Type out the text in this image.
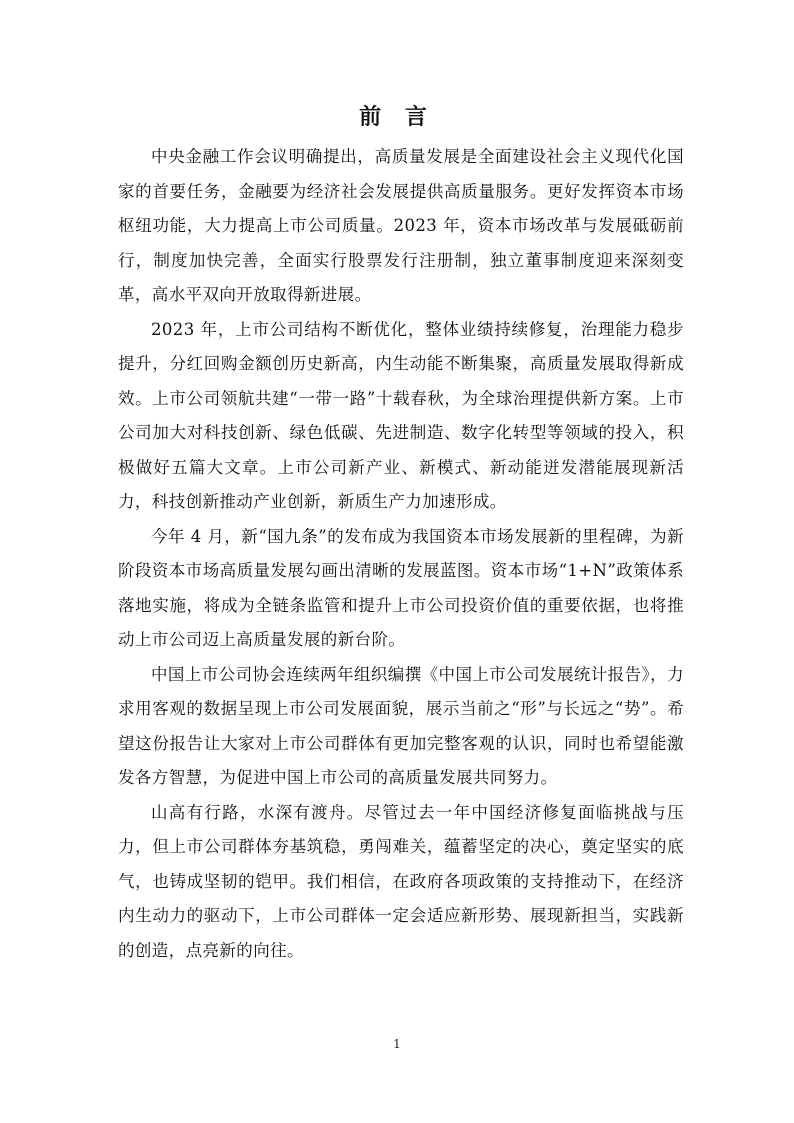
前 言

中央金融工作会议明确提出，高质量发展是全面建设社会主义现代化国家的首要任务，金融要为经济社会发展提供高质量服务。更好发挥资本市场枢纽功能，大力提高上市公司质量。2023 年，资本市场改革与发展砥砺前行，制度加快完善，全面实行股票发行注册制，独立董事制度迎来深刻变革，高水平双向开放取得新进展。

2023 年，上市公司结构不断优化，整体业绩持续修复，治理能力稳步提升，分红回购金额创历史新高，内生动能不断集聚，高质量发展取得新成效。上市公司领航共建“一带一路”十载春秋，为全球治理提供新方案。上市公司加大对科技创新、绿色低碳、先进制造、数字化转型等领域的投入，积极做好五篇大文章。上市公司新产业、新模式、新动能迸发潜能展现新活力，科技创新推动产业创新，新质生产力加速形成。

今年 4 月，新“国九条”的发布成为我国资本市场发展新的里程碑，为新阶段资本市场高质量发展勾画出清晰的发展蓝图。资本市场“1+N”政策体系落地实施，将成为全链条监管和提升上市公司投资价值的重要依据，也将推动上市公司迈上高质量发展的新台阶。

中国上市公司协会连续两年组织编撰《中国上市公司发展统计报告》，力求用客观的数据呈现上市公司发展面貌，展示当前之“形”与长远之“势”。希望这份报告让大家对上市公司群体有更加完整客观的认识，同时也希望能激发各方智慧，为促进中国上市公司的高质量发展共同努力。

山高有行路，水深有渡舟。尽管过去一年中国经济修复面临挑战与压力，但上市公司群体夯基筑稳，勇闯难关，蕴蓄坚定的决心，奠定坚实的底气，也铸成坚韧的铠甲。我们相信，在政府各项政策的支持推动下，在经济内生动力的驱动下，上市公司群体一定会适应新形势、展现新担当，实践新的创造，点亮新的向往。

1
